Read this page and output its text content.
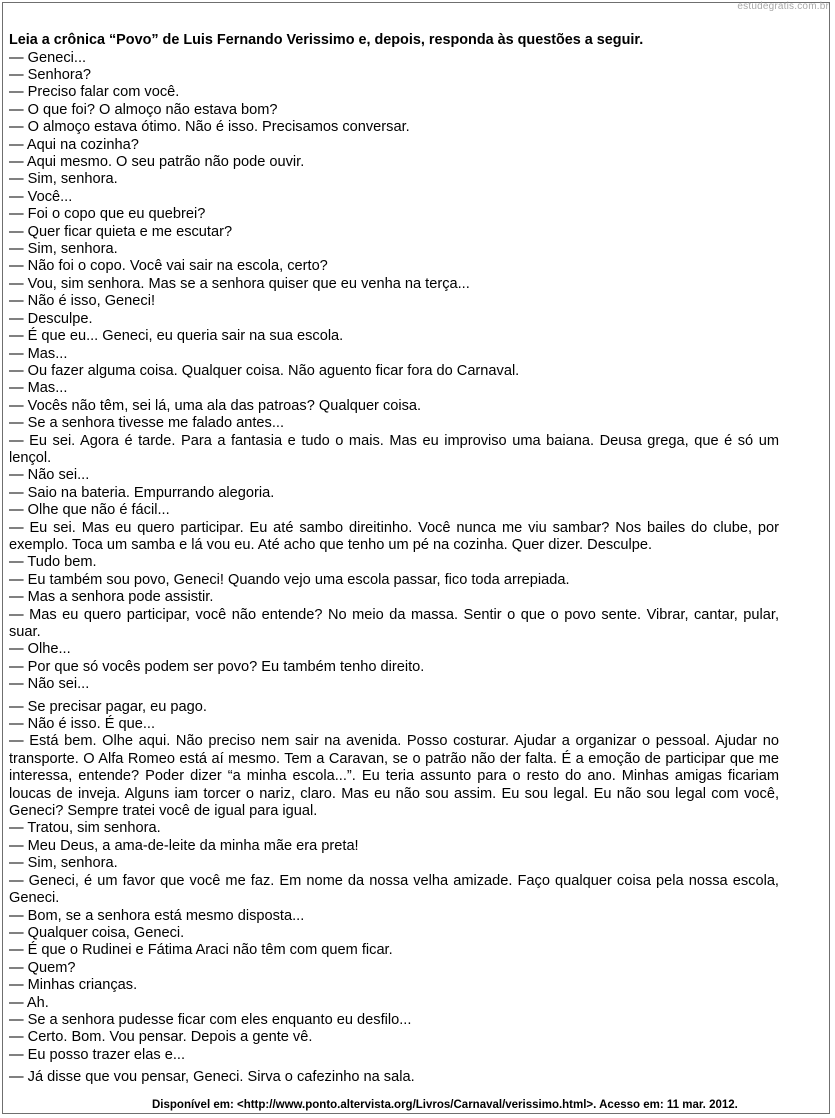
estudegratis.com.br

Leia a crônica “Povo” de Luis Fernando Verissimo e, depois, responda às questões a seguir.

— Geneci...

— Senhora?

— Preciso falar com você.

— O que foi? O almoço não estava bom?

— O almoço estava ótimo. Não é isso. Precisamos conversar.

— Aqui na cozinha?

— Aqui mesmo. O seu patrão não pode ouvir.

— Sim, senhora.

— Você...

— Foi o copo que eu quebrei?

— Quer ficar quieta e me escutar?

— Sim, senhora.

— Não foi o copo. Você vai sair na escola, certo?

— Vou, sim senhora. Mas se a senhora quiser que eu venha na terça...

— Não é isso, Geneci!

— Desculpe.

— É que eu... Geneci, eu queria sair na sua escola.

— Mas...

— Ou fazer alguma coisa. Qualquer coisa. Não aguento ficar fora do Carnaval.

— Mas...

— Vocês não têm, sei lá, uma ala das patroas? Qualquer coisa.

— Se a senhora tivesse me falado antes...

— Eu sei. Agora é tarde. Para a fantasia e tudo o mais. Mas eu improviso uma baiana. Deusa grega, que é só um lençol.

— Não sei...

— Saio na bateria. Empurrando alegoria.

— Olhe que não é fácil...

— Eu sei. Mas eu quero participar. Eu até sambo direitinho. Você nunca me viu sambar? Nos bailes do clube, por exemplo. Toca um samba e lá vou eu. Até acho que tenho um pé na cozinha. Quer dizer. Desculpe.

— Tudo bem.

— Eu também sou povo, Geneci! Quando vejo uma escola passar, fico toda arrepiada.

— Mas a senhora pode assistir.

— Mas eu quero participar, você não entende? No meio da massa. Sentir o que o povo sente. Vibrar, cantar, pular, suar.

— Olhe...

— Por que só vocês podem ser povo? Eu também tenho direito.

— Não sei...

— Se precisar pagar, eu pago.

— Não é isso. É que...

— Está bem. Olhe aqui. Não preciso nem sair na avenida. Posso costurar. Ajudar a organizar o pessoal. Ajudar no transporte. O Alfa Romeo está aí mesmo. Tem a Caravan, se o patrão não der falta. É a emoção de participar que me interessa, entende? Poder dizer “a minha escola...”. Eu teria assunto para o resto do ano. Minhas amigas ficariam loucas de inveja. Alguns iam torcer o nariz, claro. Mas eu não sou assim. Eu sou legal. Eu não sou legal com você, Geneci? Sempre tratei você de igual para igual.

— Tratou, sim senhora.

— Meu Deus, a ama-de-leite da minha mãe era preta!

— Sim, senhora.

— Geneci, é um favor que você me faz. Em nome da nossa velha amizade. Faço qualquer coisa pela nossa escola, Geneci.

— Bom, se a senhora está mesmo disposta...

— Qualquer coisa, Geneci.

— É que o Rudinei e Fátima Araci não têm com quem ficar.

— Quem?

— Minhas crianças.

— Ah.

— Se a senhora pudesse ficar com eles enquanto eu desfilo...

— Certo. Bom. Vou pensar. Depois a gente vê.

— Eu posso trazer elas e...

— Já disse que vou pensar, Geneci. Sirva o cafezinho na sala.

Disponível em: <http://www.ponto.altervista.org/Livros/Carnaval/verissimo.html>. Acesso em: 11 mar. 2012.
